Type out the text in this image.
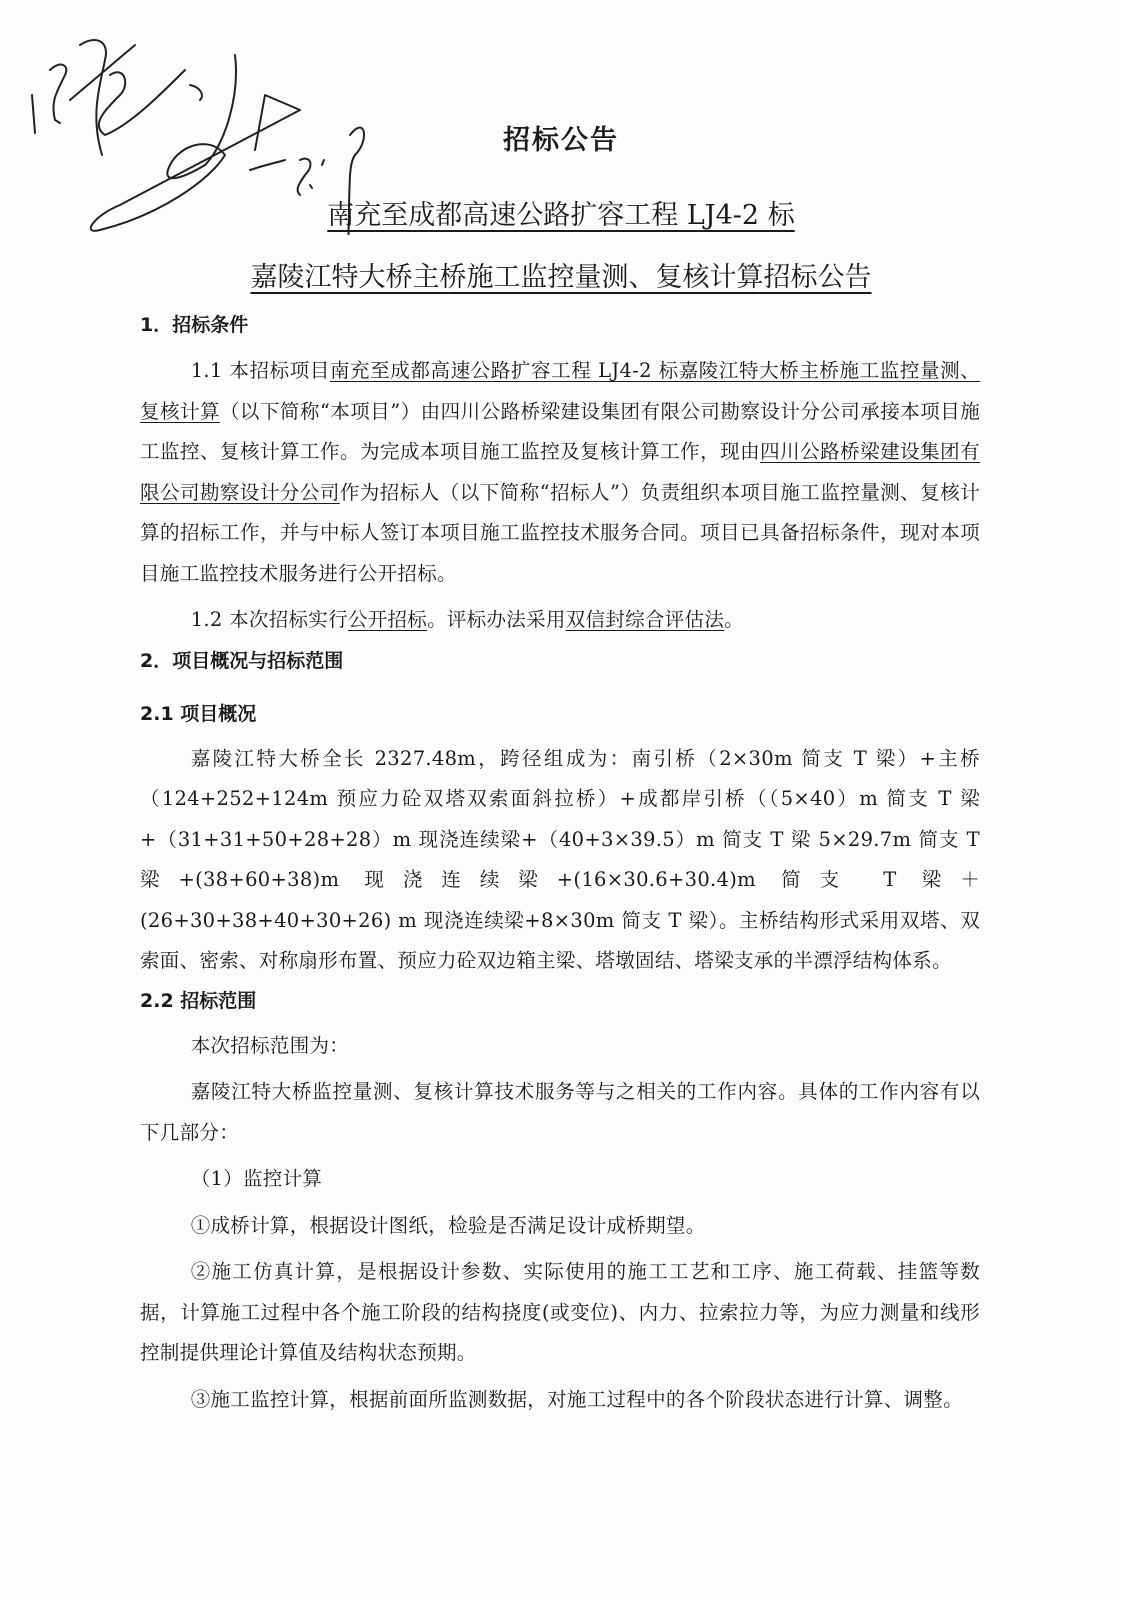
招标公告
南充至成都高速公路扩容工程 LJ4-2 标
嘉陵江特大桥主桥施工监控量测、复核计算招标公告
1．招标条件

1.1 本招标项目南充至成都高速公路扩容工程 LJ4-2 标嘉陵江特大桥主桥施工监控量测、复核计算（以下简称“本项目”）由四川公路桥梁建设集团有限公司勘察设计分公司承接本项目施工监控、复核计算工作。为完成本项目施工监控及复核计算工作，现由四川公路桥梁建设集团有限公司勘察设计分公司作为招标人（以下简称“招标人”）负责组织本项目施工监控量测、复核计算的招标工作，并与中标人签订本项目施工监控技术服务合同。项目已具备招标条件，现对本项目施工监控技术服务进行公开招标。

1.2 本次招标实行公开招标。评标办法采用双信封综合评估法。

2．项目概况与招标范围
2.1 项目概况

嘉陵江特大桥全长 2327.48m，跨径组成为：南引桥（2×30m 简支 T 梁）+主桥（124+252+124m 预应力砼双塔双索面斜拉桥）+成都岸引桥（（5×40）m 简支 T 梁+（31+31+50+28+28）m 现浇连续梁+（40+3×39.5）m 简支 T 梁 5×29.7m 简支 T 梁+(38+60+38)m 现浇连续梁+(16×30.6+30.4)m 简支 T 梁＋(26+30+38+40+30+26) m 现浇连续梁+8×30m 简支 T 梁）。主桥结构形式采用双塔、双索面、密索、对称扇形布置、预应力砼双边箱主梁、塔墩固结、塔梁支承的半漂浮结构体系。

2.2 招标范围

本次招标范围为：

嘉陵江特大桥监控量测、复核计算技术服务等与之相关的工作内容。具体的工作内容有以下几部分：

（1）监控计算

①成桥计算，根据设计图纸，检验是否满足设计成桥期望。

②施工仿真计算，是根据设计参数、实际使用的施工工艺和工序、施工荷载、挂篮等数据，计算施工过程中各个施工阶段的结构挠度(或变位)、内力、拉索拉力等，为应力测量和线形控制提供理论计算值及结构状态预期。

③施工监控计算，根据前面所监测数据，对施工过程中的各个阶段状态进行计算、调整。
